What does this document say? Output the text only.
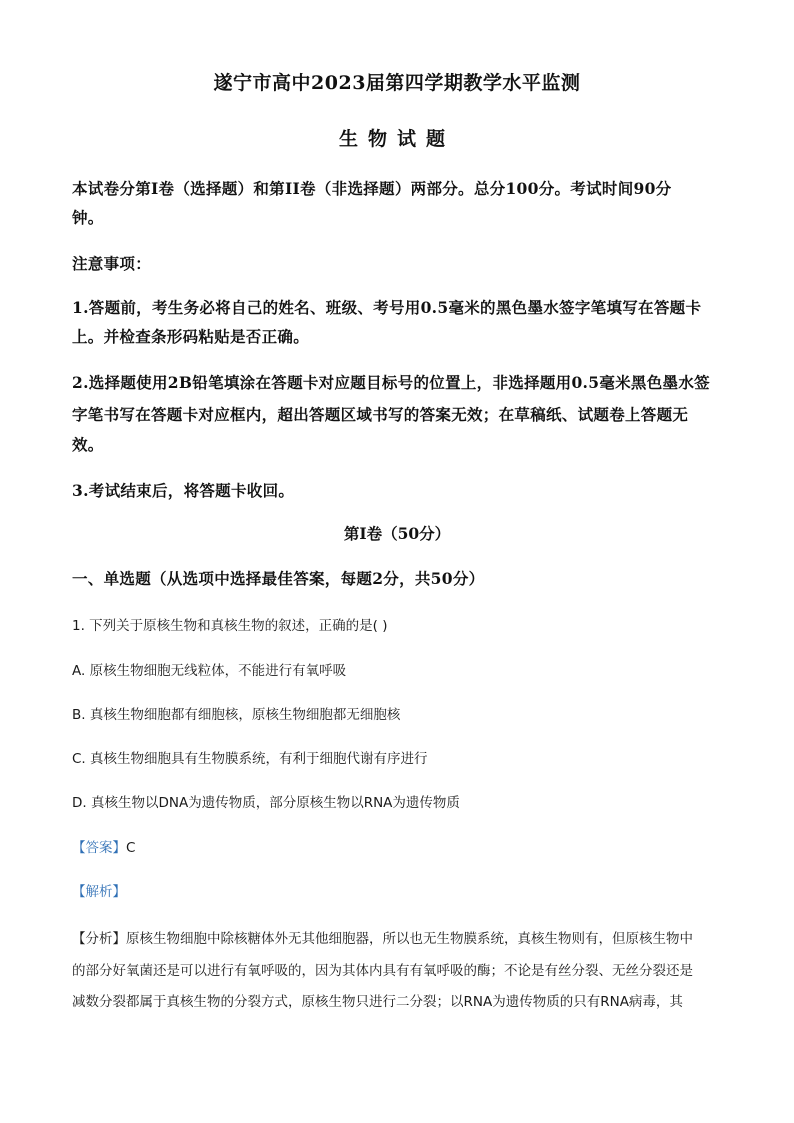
遂宁市高中2023届第四学期教学水平监测
生物试题
本试卷分第I卷（选择题）和第II卷（非选择题）两部分。总分100分。考试时间90分
钟。
注意事项：
1.答题前，考生务必将自己的姓名、班级、考号用0.5毫米的黑色墨水签字笔填写在答题卡
上。并检查条形码粘贴是否正确。
2.选择题使用2B铅笔填涂在答题卡对应题目标号的位置上，非选择题用0.5毫米黑色墨水签
字笔书写在答题卡对应框内，超出答题区域书写的答案无效；在草稿纸、试题卷上答题无
效。
3.考试结束后，将答题卡收回。
第I卷（50分）
一、单选题（从选项中选择最佳答案，每题2分，共50分）
1. 下列关于原核生物和真核生物的叙述，正确的是( )
A. 原核生物细胞无线粒体，不能进行有氧呼吸
B. 真核生物细胞都有细胞核，原核生物细胞都无细胞核
C. 真核生物细胞具有生物膜系统，有利于细胞代谢有序进行
D. 真核生物以DNA为遗传物质，部分原核生物以RNA为遗传物质
【答案】C
【解析】
【分析】原核生物细胞中除核糖体外无其他细胞器，所以也无生物膜系统，真核生物则有，但原核生物中
的部分好氧菌还是可以进行有氧呼吸的，因为其体内具有有氧呼吸的酶；不论是有丝分裂、无丝分裂还是
减数分裂都属于真核生物的分裂方式，原核生物只进行二分裂；以RNA为遗传物质的只有RNA病毒，其
